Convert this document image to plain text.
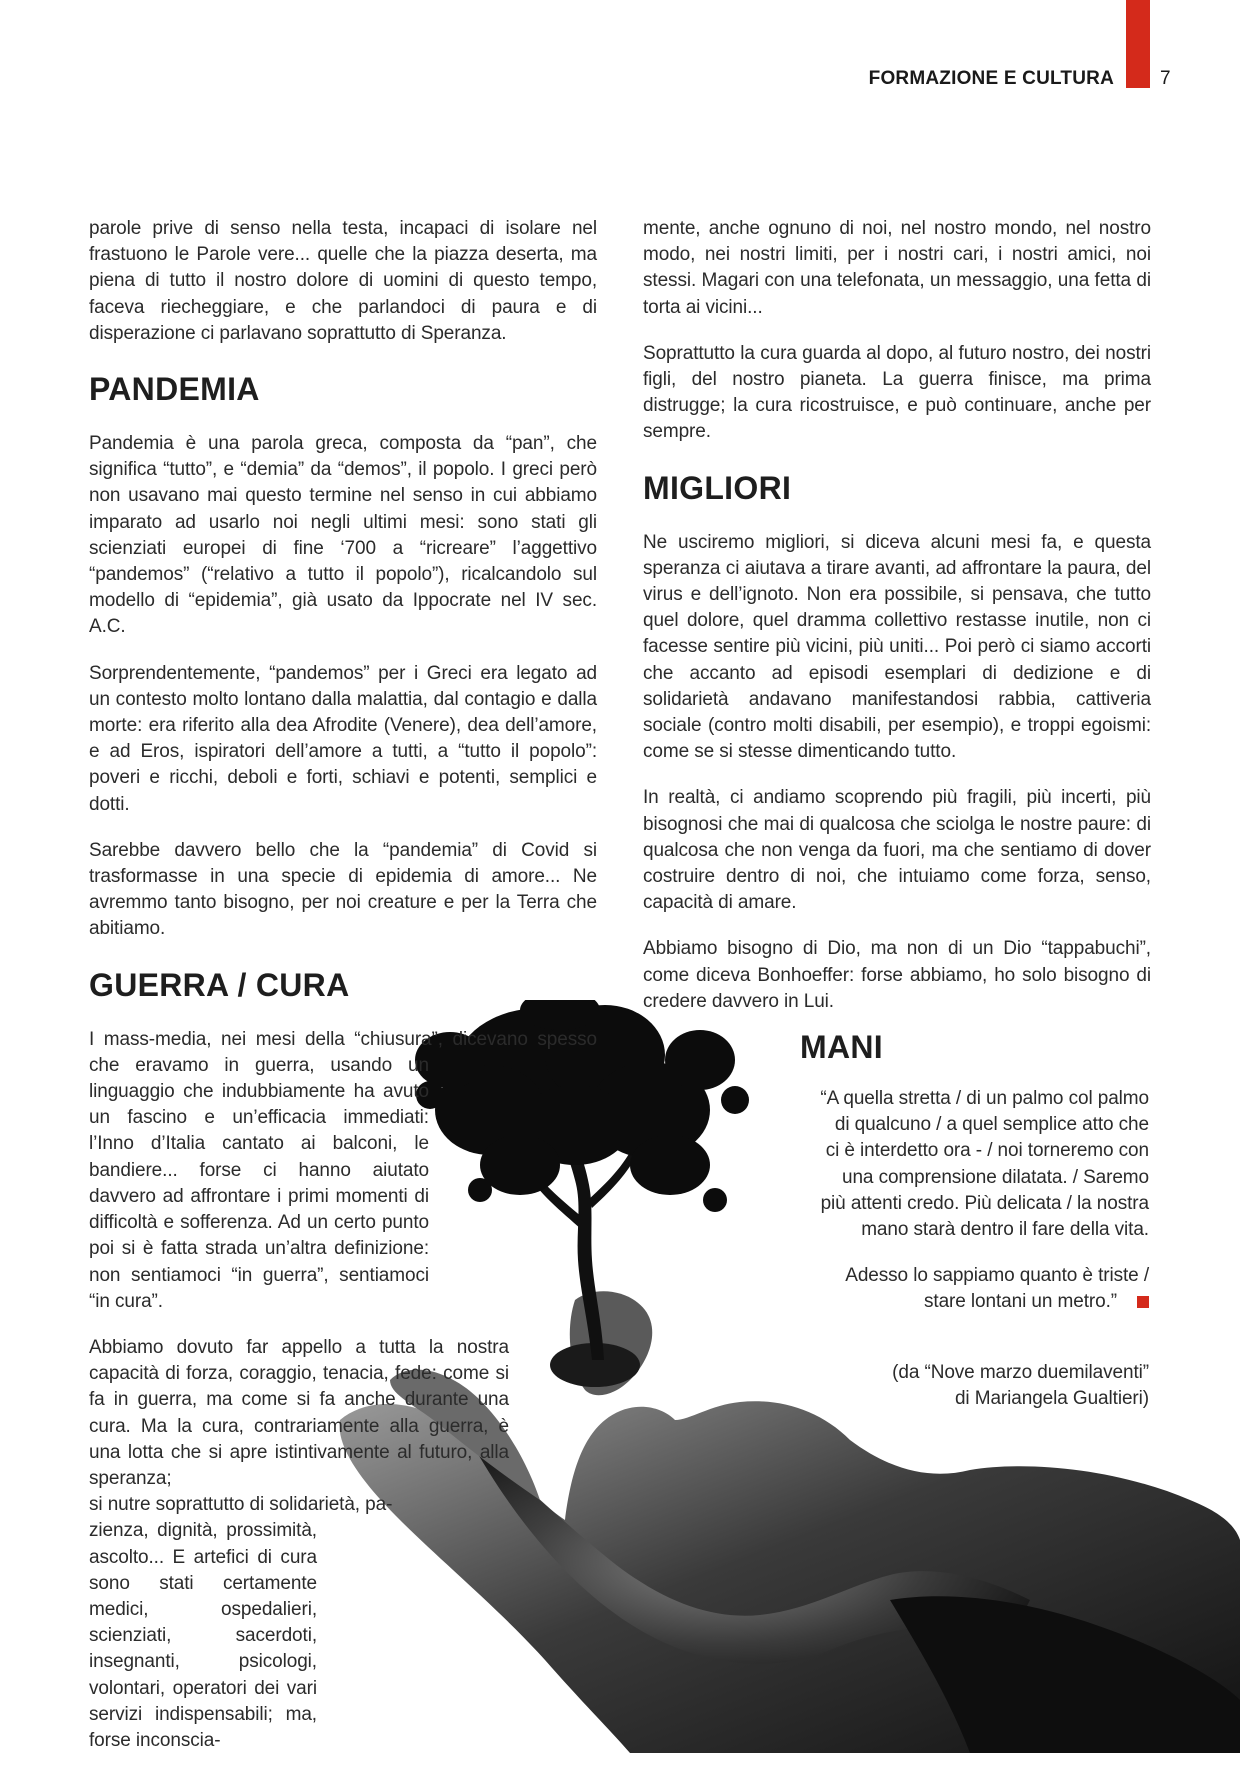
FORMAZIONE E CULTURA 7

parole prive di senso nella testa, incapaci di isolare nel frastuono le Parole vere... quelle che la piazza deserta, ma piena di tutto il nostro dolore di uomini di questo tempo, faceva riecheggiare, e che parlandoci di paura e di disperazione ci parlavano soprattutto di Speranza.

PANDEMIA

Pandemia è una parola greca, composta da “pan”, che significa “tutto”, e “demia” da “demos”, il popolo. I greci però non usavano mai questo termine nel senso in cui abbiamo imparato ad usarlo noi negli ultimi mesi: sono stati gli scienziati europei di fine ‘700 a “ricreare” l’aggettivo “pandemos” (“relativo a tutto il popolo”), ricalcandolo sul modello di “epidemia”, già usato da Ippocrate nel IV sec. A.C.

Sorprendentemente, “pandemos” per i Greci era legato ad un contesto molto lontano dalla malattia, dal contagio e dalla morte: era riferito alla dea Afrodite (Venere), dea dell’amore, e ad Eros, ispiratori dell’amore a tutti, a “tutto il popolo”: poveri e ricchi, deboli e forti, schiavi e potenti, semplici e dotti.

Sarebbe davvero bello che la “pandemia” di Covid si trasformasse in una specie di epidemia di amore... Ne avremmo tanto bisogno, per noi creature e per la Terra che abitiamo.

GUERRA / CURA

I mass-media, nei mesi della “chiusura”, dicevano spesso

che eravamo in guerra, usando un linguaggio che indubbiamente ha avuto un fascino e un’efficacia immediati: l’Inno d’Italia cantato ai balconi, le bandiere... forse ci hanno aiutato davvero ad affrontare i primi momenti di difficoltà e sofferenza. Ad un certo punto poi si è fatta strada un’altra definizione: non sentiamoci “in guerra”, sentiamoci “in cura”.

Abbiamo dovuto far appello a tutta la nostra capacità di forza, coraggio, tenacia, fede: come si fa in guerra, ma come si fa anche durante una cura. Ma la cura, contrariamente alla guerra, è una lotta che si apre istintivamente al futuro, alla speranza;

si nutre soprattutto di solidarietà, pa-

zienza, dignità, prossimità, ascolto... E artefici di cura sono stati certamente medici, ospedalieri, scienziati, sacerdoti, insegnanti, psicologi, volontari, operatori dei vari servizi indispensabili; ma, forse inconscia-

mente, anche ognuno di noi, nel nostro mondo, nel nostro modo, nei nostri limiti, per i nostri cari, i nostri amici, noi stessi. Magari con una telefonata, un messaggio, una fetta di torta ai vicini...

Soprattutto la cura guarda al dopo, al futuro nostro, dei nostri figli, del nostro pianeta. La guerra finisce, ma prima distrugge; la cura ricostruisce, e può continuare, anche per sempre.

MIGLIORI

Ne usciremo migliori, si diceva alcuni mesi fa, e questa speranza ci aiutava a tirare avanti, ad affrontare la paura, del virus e dell’ignoto. Non era possibile, si pensava, che tutto quel dolore, quel dramma collettivo restasse inutile, non ci facesse sentire più vicini, più uniti... Poi però ci siamo accorti che accanto ad episodi esemplari di dedizione e di solidarietà andavano manifestandosi rabbia, cattiveria sociale (contro molti disabili, per esempio), e troppi egoismi: come se si stesse dimenticando tutto.

In realtà, ci andiamo scoprendo più fragili, più incerti, più bisognosi che mai di qualcosa che sciolga le nostre paure: di qualcosa che non venga da fuori, ma che sentiamo di dover costruire dentro di noi, che intuiamo come forza, senso, capacità di amare.

Abbiamo bisogno di Dio, ma non di un Dio “tappabuchi”, come diceva Bonhoeffer: forse abbiamo, ho solo bisogno di credere davvero in Lui.

MANI

“A quella stretta / di un palmo col palmo di qualcuno / a quel semplice atto che ci è interdetto ora - / noi torneremo con una comprensione dilatata. / Saremo più attenti credo. Più delicata / la nostra mano starà dentro il fare della vita.

Adesso lo sappiamo quanto è triste / stare lontani un metro.”

(da “Nove marzo duemilaventi”

di Mariangela Gualtieri)
